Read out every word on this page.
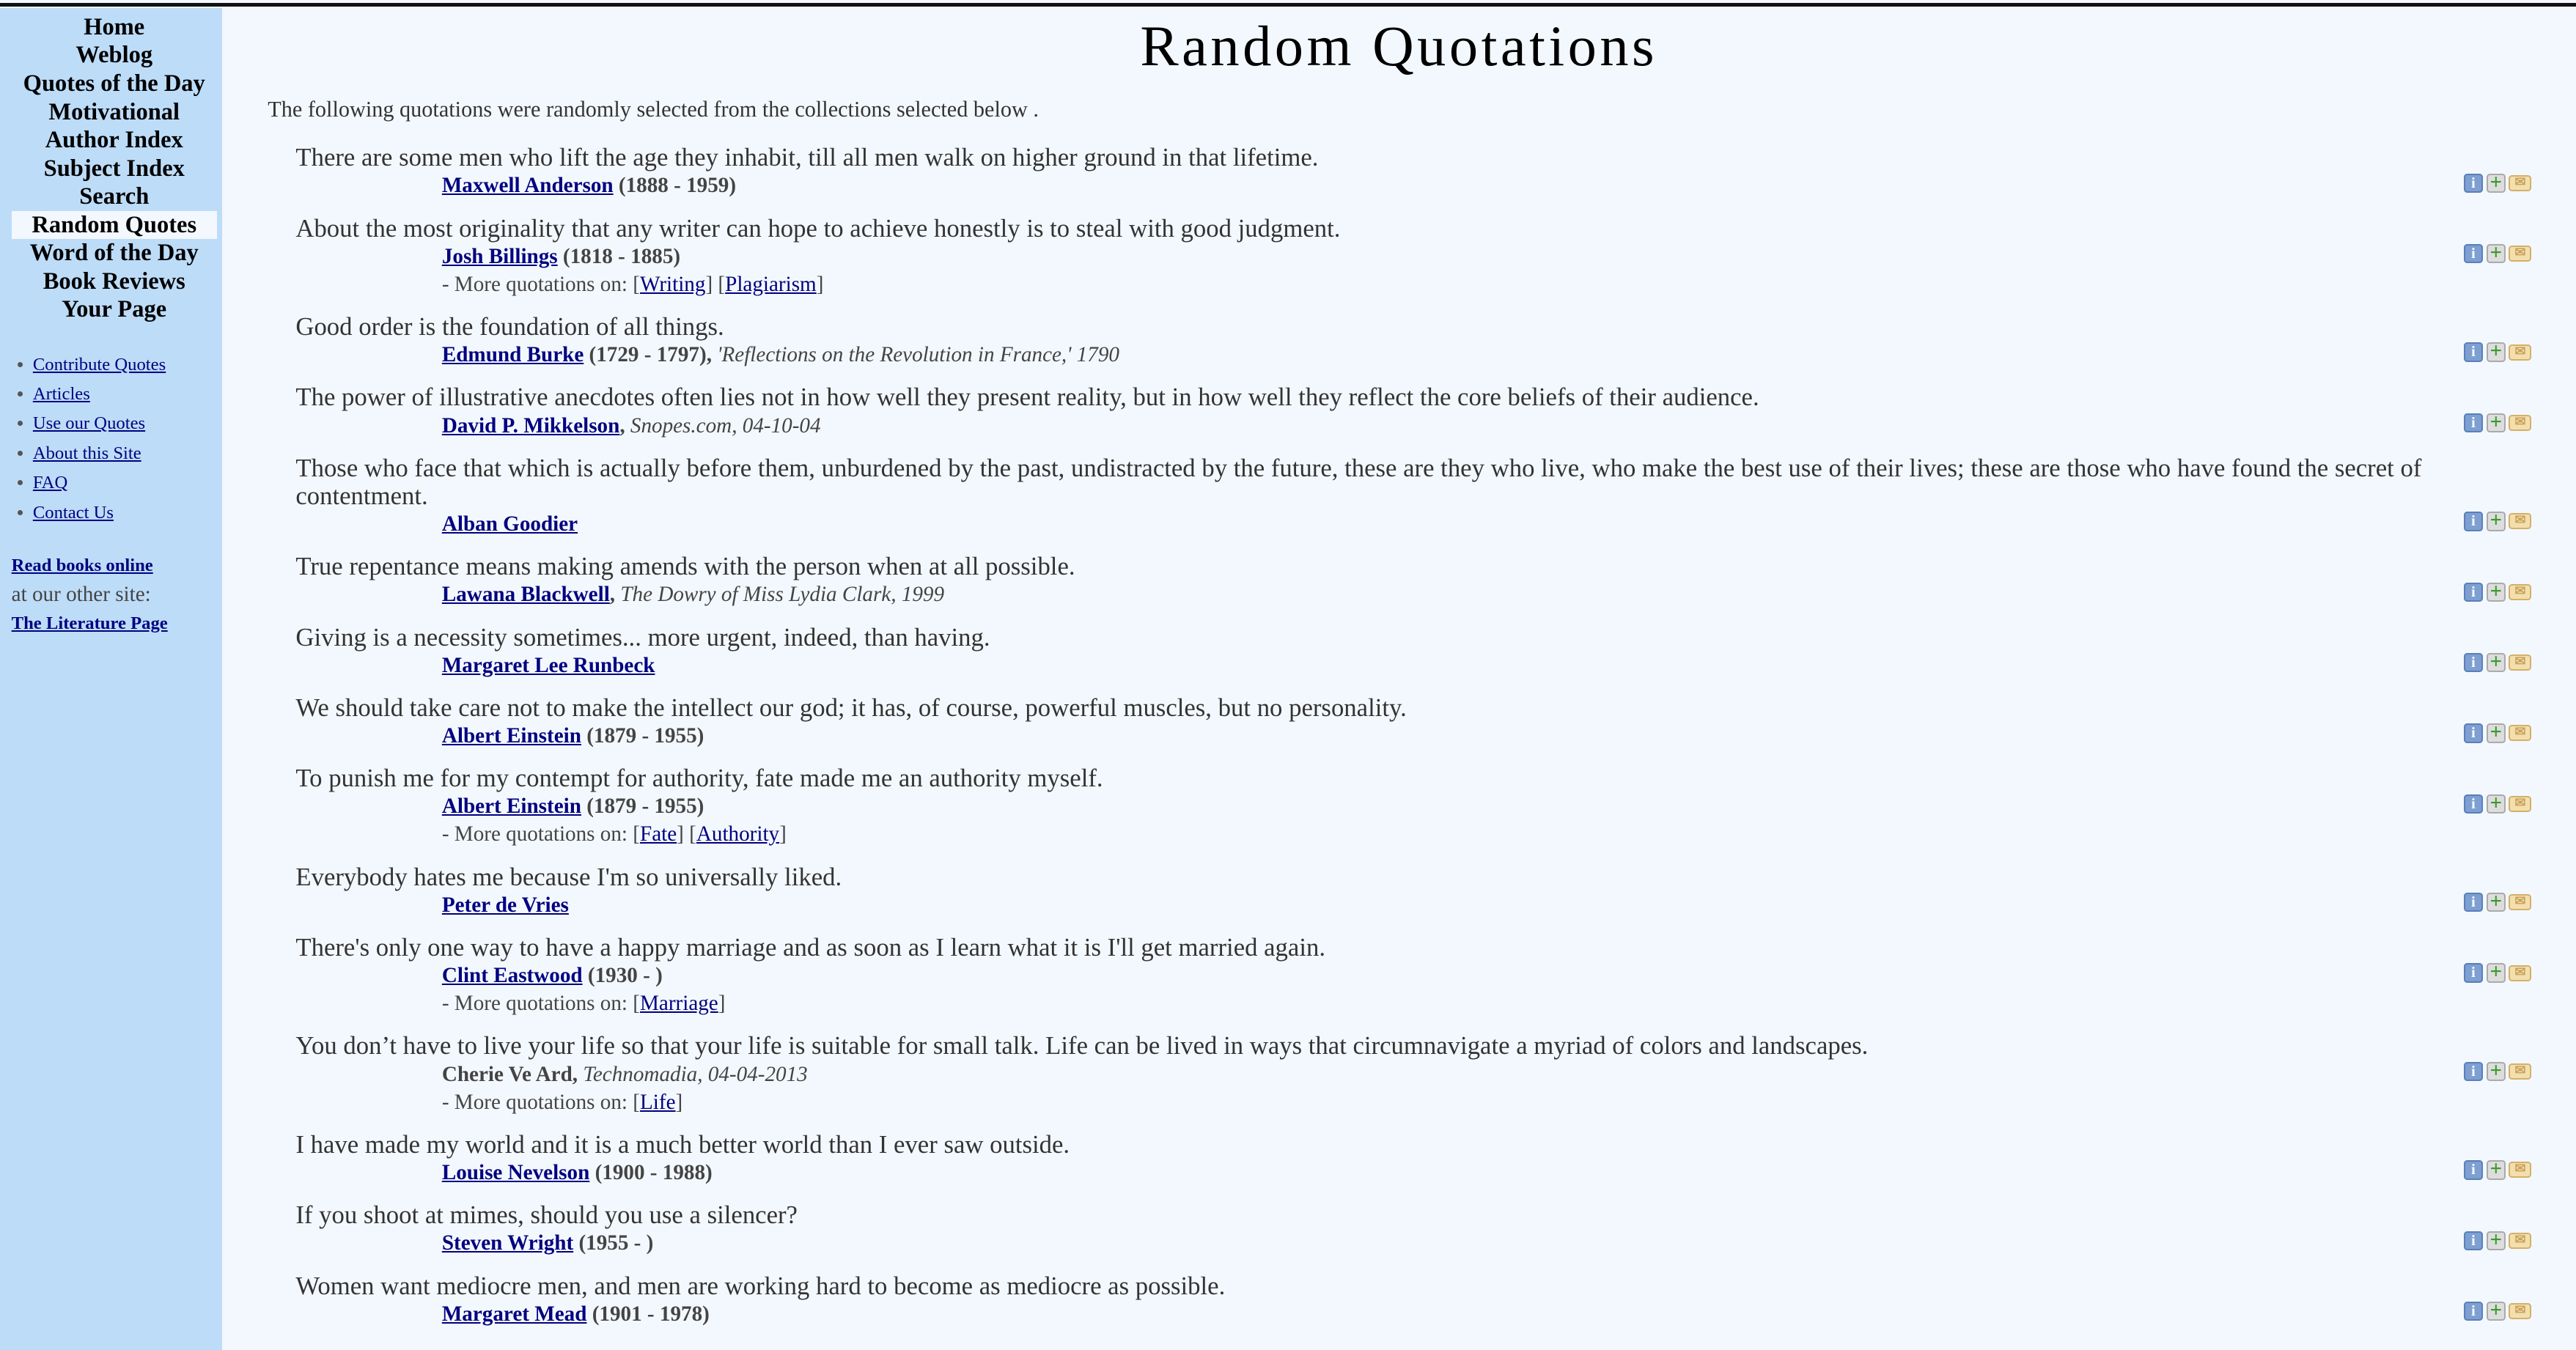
Home
Weblog
Quotes of the Day
Motivational
Author Index
Subject Index
Search
Random Quotes
Word of the Day
Book Reviews
Your Page
• Contribute Quotes
• Articles
• Use our Quotes
• About this Site
• FAQ
• Contact Us
Read books online
at our other site:
The Literature Page
Random Quotations
The following quotations were randomly selected from the collections selected below .
There are some men who lift the age they inhabit, till all men walk on higher ground in that lifetime.
Maxwell Anderson (1888 - 1959)	i	+	✉
About the most originality that any writer can hope to achieve honestly is to steal with good judgment.
Josh Billings (1818 - 1885)	i	+	✉
- More quotations on: [Writing] [Plagiarism]
Good order is the foundation of all things.
Edmund Burke (1729 - 1797), 'Reflections on the Revolution in France,' 1790	i	+	✉
The power of illustrative anecdotes often lies not in how well they present reality, but in how well they reflect the core beliefs of their audience.
David P. Mikkelson, Snopes.com, 04-10-04	i	+	✉
Those who face that which is actually before them, unburdened by the past, undistracted by the future, these are they who live, who make the best use of their lives; these are those who have found the secret of contentment.
Alban Goodier	i	+	✉
True repentance means making amends with the person when at all possible.
Lawana Blackwell, The Dowry of Miss Lydia Clark, 1999	i	+	✉
Giving is a necessity sometimes... more urgent, indeed, than having.
Margaret Lee Runbeck	i	+	✉
We should take care not to make the intellect our god; it has, of course, powerful muscles, but no personality.
Albert Einstein (1879 - 1955)	i	+	✉
To punish me for my contempt for authority, fate made me an authority myself.
Albert Einstein (1879 - 1955)	i	+	✉
- More quotations on: [Fate] [Authority]
Everybody hates me because I'm so universally liked.
Peter de Vries	i	+	✉
There's only one way to have a happy marriage and as soon as I learn what it is I'll get married again.
Clint Eastwood (1930 - )	i	+	✉
- More quotations on: [Marriage]
You don’t have to live your life so that your life is suitable for small talk. Life can be lived in ways that circumnavigate a myriad of colors and landscapes.
Cherie Ve Ard, Technomadia, 04-04-2013	i	+	✉
- More quotations on: [Life]
I have made my world and it is a much better world than I ever saw outside.
Louise Nevelson (1900 - 1988)	i	+	✉
If you shoot at mimes, should you use a silencer?
Steven Wright (1955 - )	i	+	✉
Women want mediocre men, and men are working hard to become as mediocre as possible.
Margaret Mead (1901 - 1978)	i	+	✉
